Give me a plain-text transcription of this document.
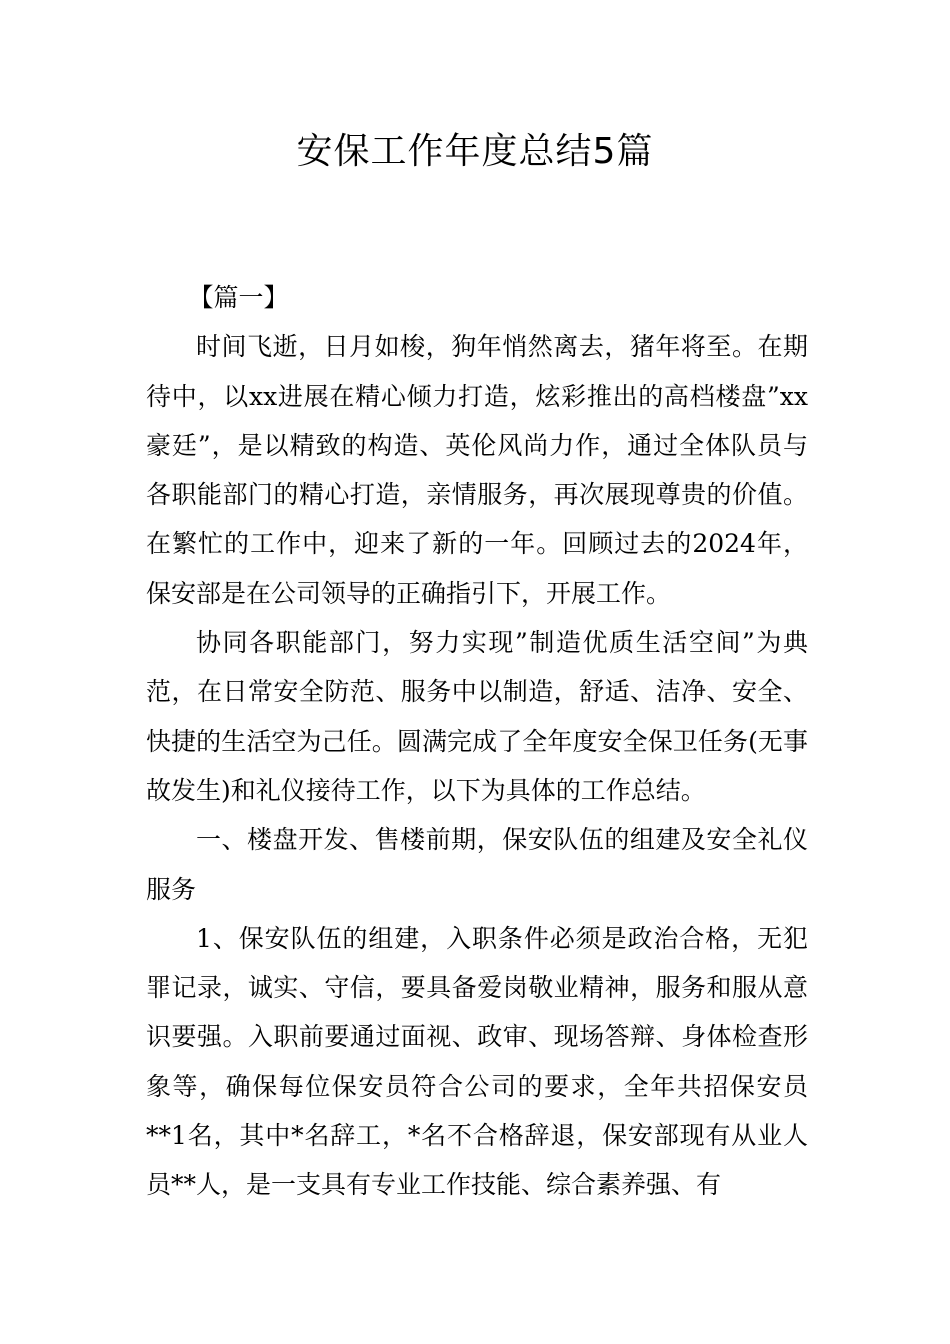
安保工作年度总结5篇

【篇一】

时间飞逝，日月如梭，狗年悄然离去，猪年将至。在期待中，以xx进展在精心倾力打造，炫彩推出的高档楼盘”xx豪廷”，是以精致的构造、英伦风尚力作，通过全体队员与各职能部门的精心打造，亲情服务，再次展现尊贵的价值。在繁忙的工作中，迎来了新的一年。回顾过去的2024年，保安部是在公司领导的正确指引下，开展工作。

协同各职能部门，努力实现”制造优质生活空间”为典范，在日常安全防范、服务中以制造，舒适、洁净、安全、快捷的生活空为己任。圆满完成了全年度安全保卫任务(无事故发生)和礼仪接待工作，以下为具体的工作总结。

一、楼盘开发、售楼前期，保安队伍的组建及安全礼仪服务

1、保安队伍的组建，入职条件必须是政治合格，无犯罪记录，诚实、守信，要具备爱岗敬业精神，服务和服从意识要强。入职前要通过面视、政审、现场答辩、身体检查形象等，确保每位保安员符合公司的要求，全年共招保安员**1名，其中*名辞工，*名不合格辞退，保安部现有从业人员**人，是一支具有专业工作技能、综合素养强、有
